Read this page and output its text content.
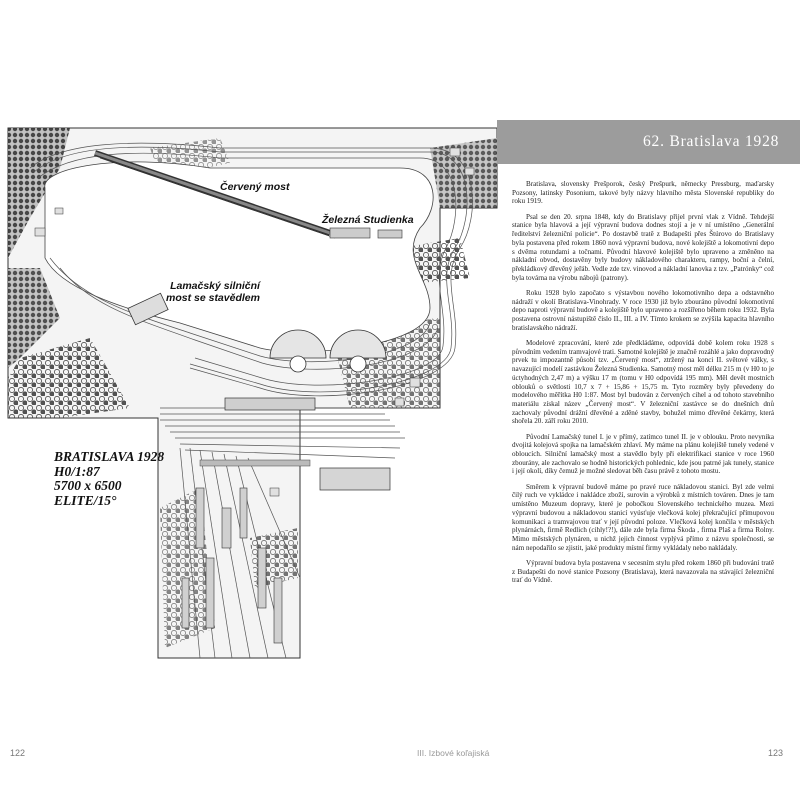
Červený most
Železná Studienka
Lamačský silniční
most se stavědlem
BRATISLAVA 1928
H0/1:87
5700 x 6500
ELITE/15°
62. Bratislava 1928

Bratislava, slovensky Prešporok, český Prešpurk, německy Pressburg, maďarsky Pozsony, latinsky Posonium, takové byly názvy hlavního města Slovenské republiky do roku 1919.

Psal se den 20. srpna 1848, kdy do Bratislavy přijel první vlak z Vídně. Tehdejší stanice byla hlavová a její výpravní budova dodnes stojí a je v ní umístěno „Generální ředitelství železniční policie“. Po dostavbě tratě z Budapešti přes Štúrovo do Bratislavy byla postavena před rokem 1860 nová výpravní budova, nové kolejiště a lokomotivní depo s dvěma rotundami a točnami. Původní hlavové kolejiště bylo upraveno a změněno na nákladní obvod, dostavěny byly budovy nákladového charakteru, rampy, boční a čelní, překládkový dřevěný jeřáb. Vedle zde tzv. vinovod a nákladní lanovka z tzv. „Patrónky“ což byla továrna na výrobu nábojů (patrony).

Roku 1928 bylo započato s výstavbou nového lokomotivního depa a odstavného nádraží v okolí Bratislava-Vinohrady. V roce 1930 již bylo zbouráno původní lokomotivní depo naproti výpravní budově a kolejiště bylo upraveno a rozšířeno během roku 1932. Byla postavena ostrovní nástupiště číslo II., III. a IV. Tímto krokem se zvýšila kapacita hlavního bratislavského nádraží.

Modelové zpracování, které zde předkládáme, odpovídá době kolem roku 1928 s původním vedením tramvajové trati. Samotné kolejiště je značně rozáhlé a jako dopravodný prvek tu impozantně působí tzv. „Červený most“, ztržený na konci II. světové války, s navazující modelí zastávkou Železná Studienka. Samotný most měl délku 215 m (v H0 to je úctyhodných 2,47 m) a výšku 17 m (tomu v H0 odpovídá 195 mm). Měl devět mostních oblouků o světlosti 10,7 x 7 + 15,86 + 15,75 m. Tyto rozměry byly převedeny do modelového měřítka H0 1:87. Most byl budován z červených cihel a od tohoto stavebního materiálu získal název „Červený most“. V železniční zastávce se do dnešních dnů zachovaly původní drážní dřevěné a zděné stavby, bohužel mimo dřevěné čekárny, která shořela 20. září roku 2010.

Původní Lamačský tunel I. je v přímý, zatímco tunel II. je v oblouku. Proto nevynika dvojitá kolejová spojka na lamačském zhlaví. My máme na plánu kolejiště tunely vedené v obloucích. Silniční lamačský most a stavědlo byly při elektrifikaci stanice v roce 1960 zbourány, ale zachovalo se hodně historických pohlednic, kde jsou patrné jak tunely, stanice i její okolí, díky čemuž je možné sledovat běh času právě z tohoto mostu.

Směrem k výpravní budově máme po pravé ruce nákladovou stanici. Byl zde velmi čilý ruch ve vykládce i nakládce zboží, surovin a výrobků z místních továren. Dnes je tam umístěno Muzeum dopravy, které je pobočkou Slovenského technického muzea. Mezi výpravní budovou a nákladovou stanicí vyúsťuje vlečková kolej překračující přímupovou komunikaci a tramvajovou trať v její původní poloze. Vlečková kolej končila v městských plynárnách, firmě Redlich (cihly!?!), dále zde byla firma Škoda , firma Plaš a firma Rolny. Mimo městských plynáren, u nichž jejich činnost vyplývá přímo z názvu společnosti, se nám nepodařilo se zjistit, jaké produkty místní firmy vykládaly nebo nakládaly.

Výpravní budova byla postavena v secesním stylu před rokem 1860 při budování tratě z Budapešti do nové stanice Pozsony (Bratislava), která navazovala na stávající železniční trať do Vídně.

122	III. Izbové koľajiská	123
